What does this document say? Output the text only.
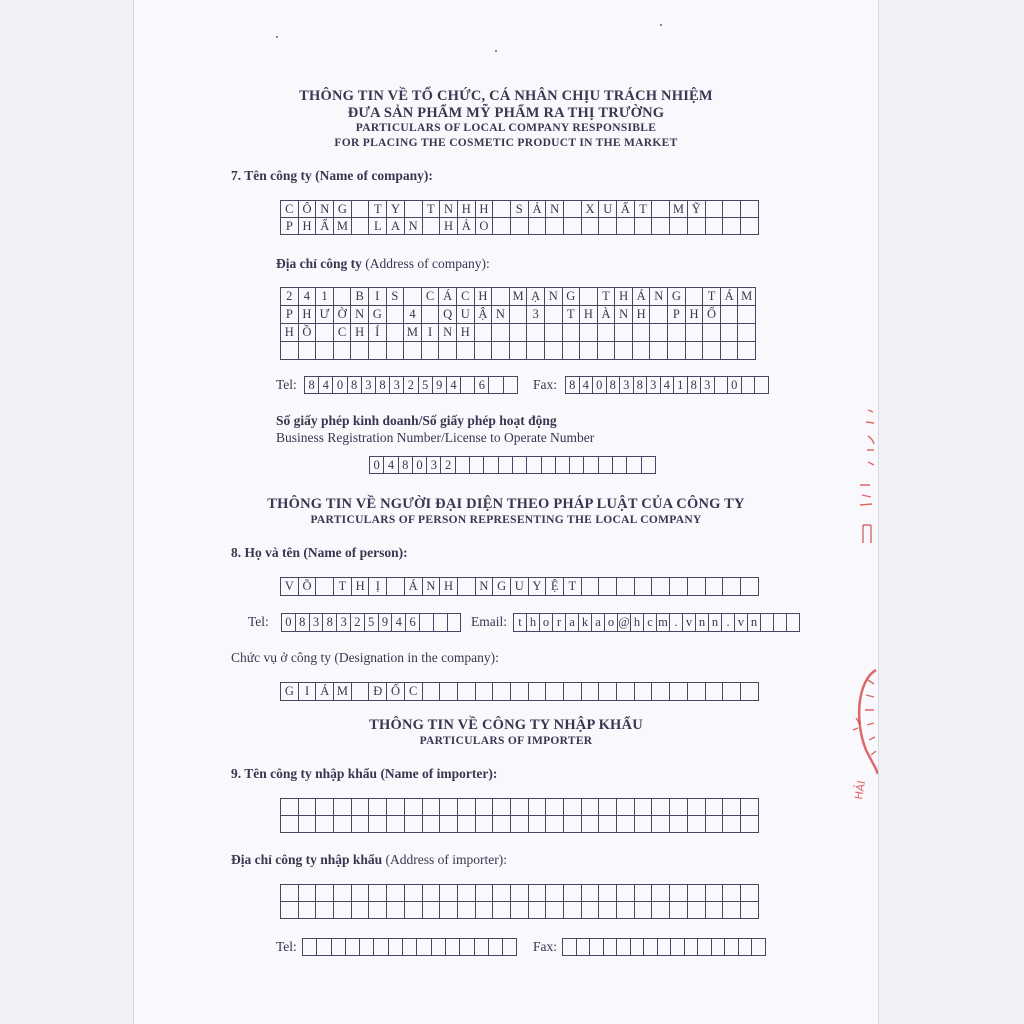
THÔNG TIN VỀ TỔ CHỨC, CÁ NHÂN CHỊU TRÁCH NHIỆM
ĐƯA SẢN PHẨM MỸ PHẨM RA THỊ TRƯỜNG
PARTICULARS OF LOCAL COMPANY RESPONSIBLE
FOR PLACING THE COSMETIC PRODUCT IN THE MARKET
7. Tên công ty (Name of company):
C Ô N G	T Y	T N H H	S Ả N	X U Ấ T	M Ỹ
P H Ẩ M	L A N	H Ả O
Địa chỉ công ty (Address of company):
2 4 1	B I S	C Á C H	M Ạ N G	T H Á N G	T Á M
P H Ư Ờ N G	4	Q U Ậ N	3	T H À N H	P H Ố
H Ồ	C H Í	M I N H
Tel: 8 4 0 8 3 8 3 2 5 9 4	6	Fax: 8 4 0 8 3 8 3 4 1 8 3	0
Số giấy phép kinh doanh/Số giấy phép hoạt động
Business Registration Number/License to Operate Number
0 4 8 0 3 2
THÔNG TIN VỀ NGƯỜI ĐẠI DIỆN THEO PHÁP LUẬT CỦA CÔNG TY
PARTICULARS OF PERSON REPRESENTING THE LOCAL COMPANY
8. Họ và tên (Name of person):
V Õ	T H Ị	Á N H	N G U Y Ệ T
Tel: 0 8 3 8 3 2 5 9 4 6	Email: t h o r a k a o @ h c m . v n n . v n
Chức vụ ở công ty (Designation in the company):
G I Á M	Đ Ố C
THÔNG TIN VỀ CÔNG TY NHẬP KHẨU
PARTICULARS OF IMPORTER
9. Tên công ty nhập khẩu (Name of importer):
Địa chỉ công ty nhập khẩu (Address of importer):
Tel:	Fax:
HẢI
